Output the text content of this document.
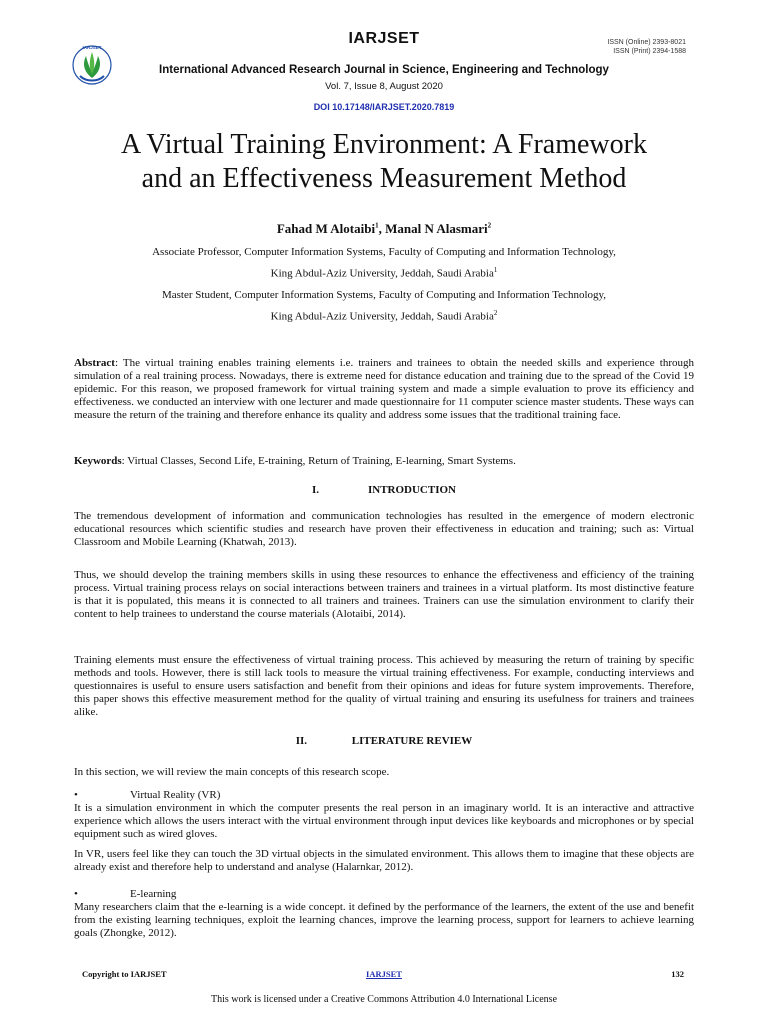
IARJSET
IARJSET	ISSN (Online) 2393-8021
ISSN (Print) 2394-1588
International Advanced Research Journal in Science, Engineering and Technology
Vol. 7, Issue 8, August 2020
DOI 10.17148/IARJSET.2020.7819
A Virtual Training Environment: A Framework
and an Effectiveness Measurement Method
Fahad M Alotaibi$^1$, Manal N Alasmari$^2$
Associate Professor, Computer Information Systems, Faculty of Computing and Information Technology,
King Abdul-Aziz University, Jeddah, Saudi Arabia$^1$
Master Student, Computer Information Systems, Faculty of Computing and Information Technology,
King Abdul-Aziz University, Jeddah, Saudi Arabia$^2$

Abstract: The virtual training enables training elements i.e. trainers and trainees to obtain the needed skills and experience through simulation of a real training process. Nowadays, there is extreme need for distance education and training due to the spread of the Covid 19 epidemic. For this reason, we proposed framework for virtual training system and made a simple evaluation to prove its efficiency and effectiveness. we conducted an interview with one lecturer and made questionnaire for 11 computer science master students. These ways can measure the return of the training and therefore enhance its quality and address some issues that the traditional training face.

Keywords: Virtual Classes, Second Life, E-training, Return of Training, E-learning, Smart Systems.

I.	INTRODUCTION

The tremendous development of information and communication technologies has resulted in the emergence of modern electronic educational resources which scientific studies and research have proven their effectiveness in education and training; such as: Virtual Classroom and Mobile Learning (Khatwah, 2013).

Thus, we should develop the training members skills in using these resources to enhance the effectiveness and efficiency of the training process. Virtual training process relays on social interactions between trainers and trainees in a virtual platform. Its most distinctive feature is that it is populated, this means it is connected to all trainers and trainees. Trainers can use the simulation environment to clarify their content to help trainees to understand the course materials (Alotaibi, 2014).

Training elements must ensure the effectiveness of virtual training process. This achieved by measuring the return of training by specific methods and tools. However, there is still lack tools to measure the virtual training effectiveness. For example, conducting interviews and questionnaires is useful to ensure users satisfaction and benefit from their opinions and ideas for future system improvements. Therefore, this paper shows this effective measurement method for the quality of virtual training and ensuring its usefulness for trainers and trainees alike.

II.	LITERATURE REVIEW

In this section, we will review the main concepts of this research scope.

•	Virtual Reality (VR)

It is a simulation environment in which the computer presents the real person in an imaginary world. It is an interactive and attractive experience which allows the users interact with the virtual environment through input devices like keyboards and microphones or by special equipment such as wired gloves.

In VR, users feel like they can touch the 3D virtual objects in the simulated environment. This allows them to imagine that these objects are already exist and therefore help to understand and analyse (Halarnkar, 2012).

•	E-learning

Many researchers claim that the e-learning is a wide concept. it defined by the performance of the learners, the extent of the use and benefit from the existing learning techniques, exploit the learning chances, improve the learning process, support for learners to achieve learning goals (Zhongke, 2012).

Copyright to IARJSET	IARJSET	132
This work is licensed under a Creative Commons Attribution 4.0 International License
